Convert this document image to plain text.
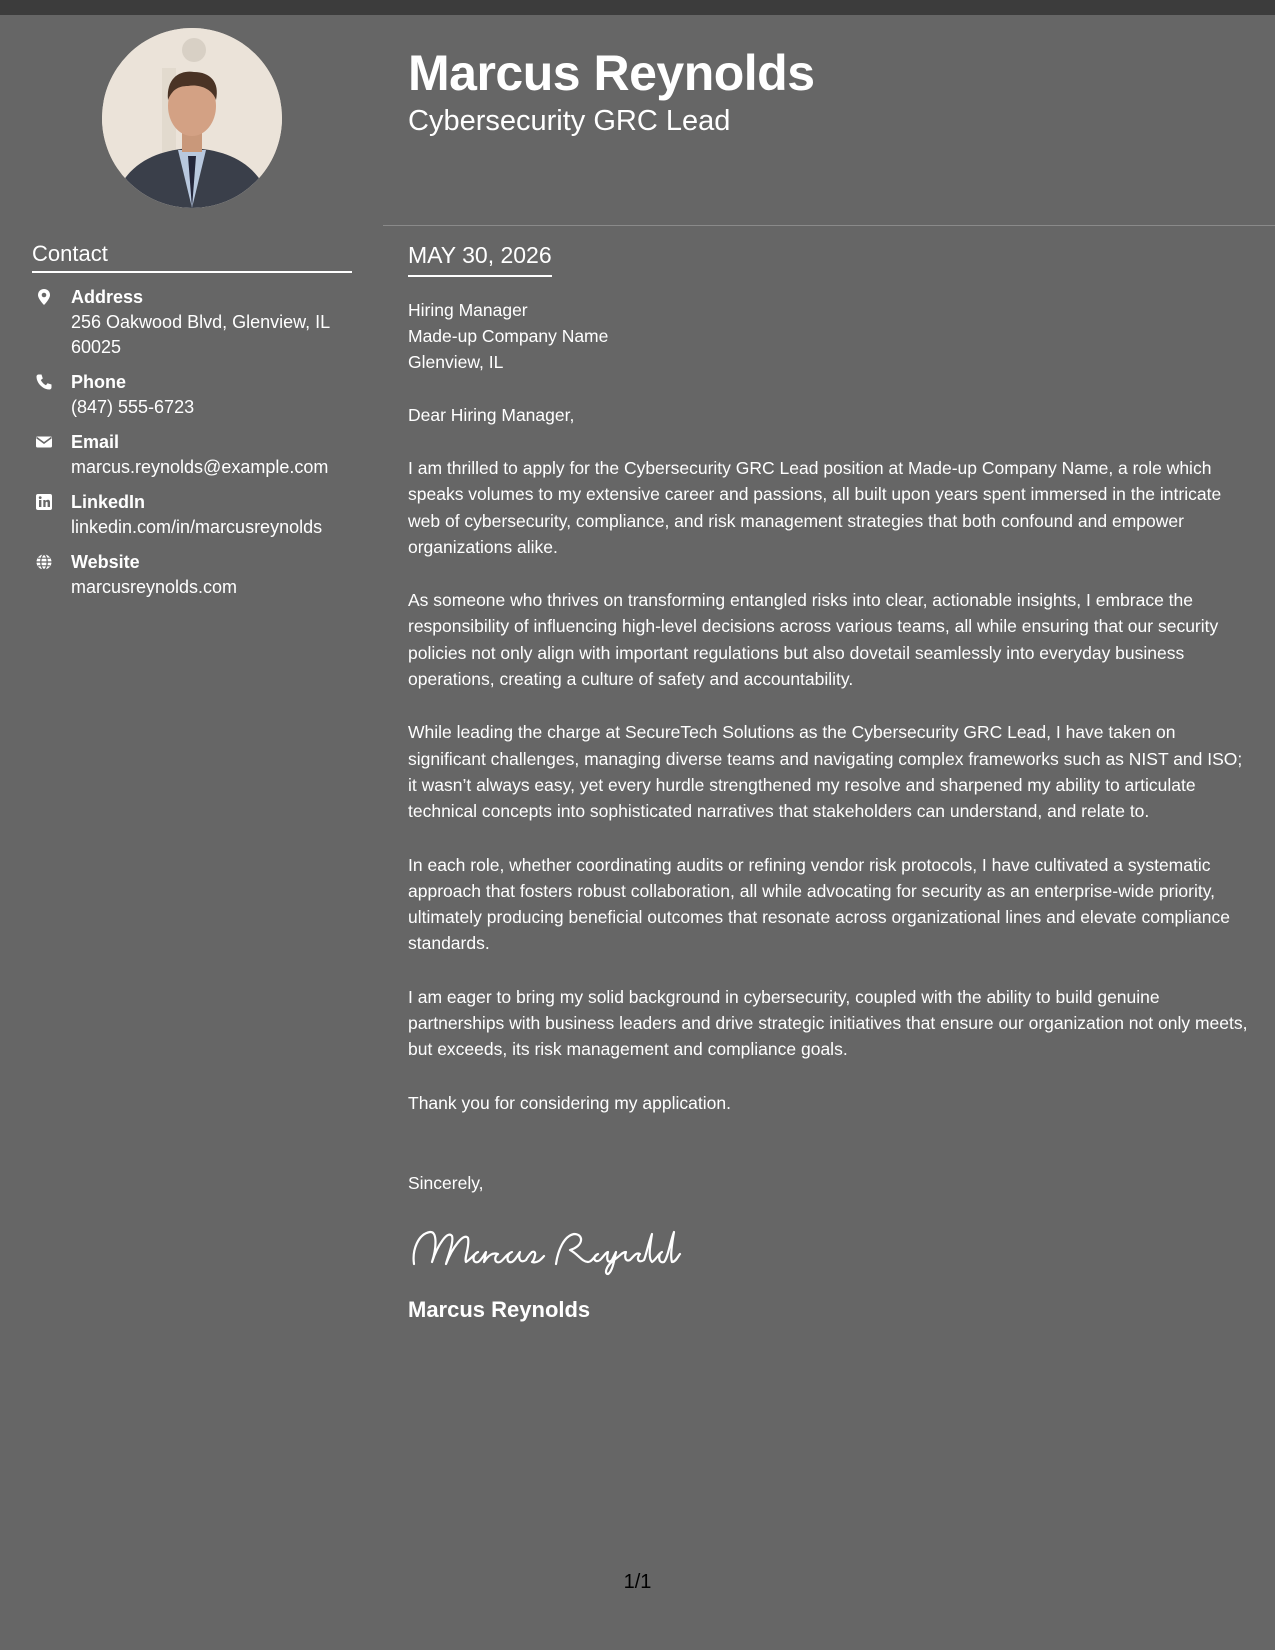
Contact
Address
256 Oakwood Blvd, Glenview, IL 60025
Phone
(847) 555-6723
Email
marcus.reynolds@example.com
LinkedIn
linkedin.com/in/marcusreynolds
Website
marcusreynolds.com
Marcus Reynolds
Cybersecurity GRC Lead
MAY 30, 2026
Hiring Manager
Made-up Company Name
Glenview, IL

Dear Hiring Manager,

I am thrilled to apply for the Cybersecurity GRC Lead position at Made-up Company Name, a role which speaks volumes to my extensive career and passions, all built upon years spent immersed in the intricate web of cybersecurity, compliance, and risk management strategies that both confound and empower organizations alike.

As someone who thrives on transforming entangled risks into clear, actionable insights, I embrace the responsibility of influencing high-level decisions across various teams, all while ensuring that our security policies not only align with important regulations but also dovetail seamlessly into everyday business operations, creating a culture of safety and accountability.

While leading the charge at SecureTech Solutions as the Cybersecurity GRC Lead, I have taken on significant challenges, managing diverse teams and navigating complex frameworks such as NIST and ISO; it wasn’t always easy, yet every hurdle strengthened my resolve and sharpened my ability to articulate technical concepts into sophisticated narratives that stakeholders can understand, and relate to.

In each role, whether coordinating audits or refining vendor risk protocols, I have cultivated a systematic approach that fosters robust collaboration, all while advocating for security as an enterprise-wide priority, ultimately producing beneficial outcomes that resonate across organizational lines and elevate compliance standards.

I am eager to bring my solid background in cybersecurity, coupled with the ability to build genuine partnerships with business leaders and drive strategic initiatives that ensure our organization not only meets, but exceeds, its risk management and compliance goals.

Thank you for considering my application.

Sincerely,

Marcus Reynolds
1/1
